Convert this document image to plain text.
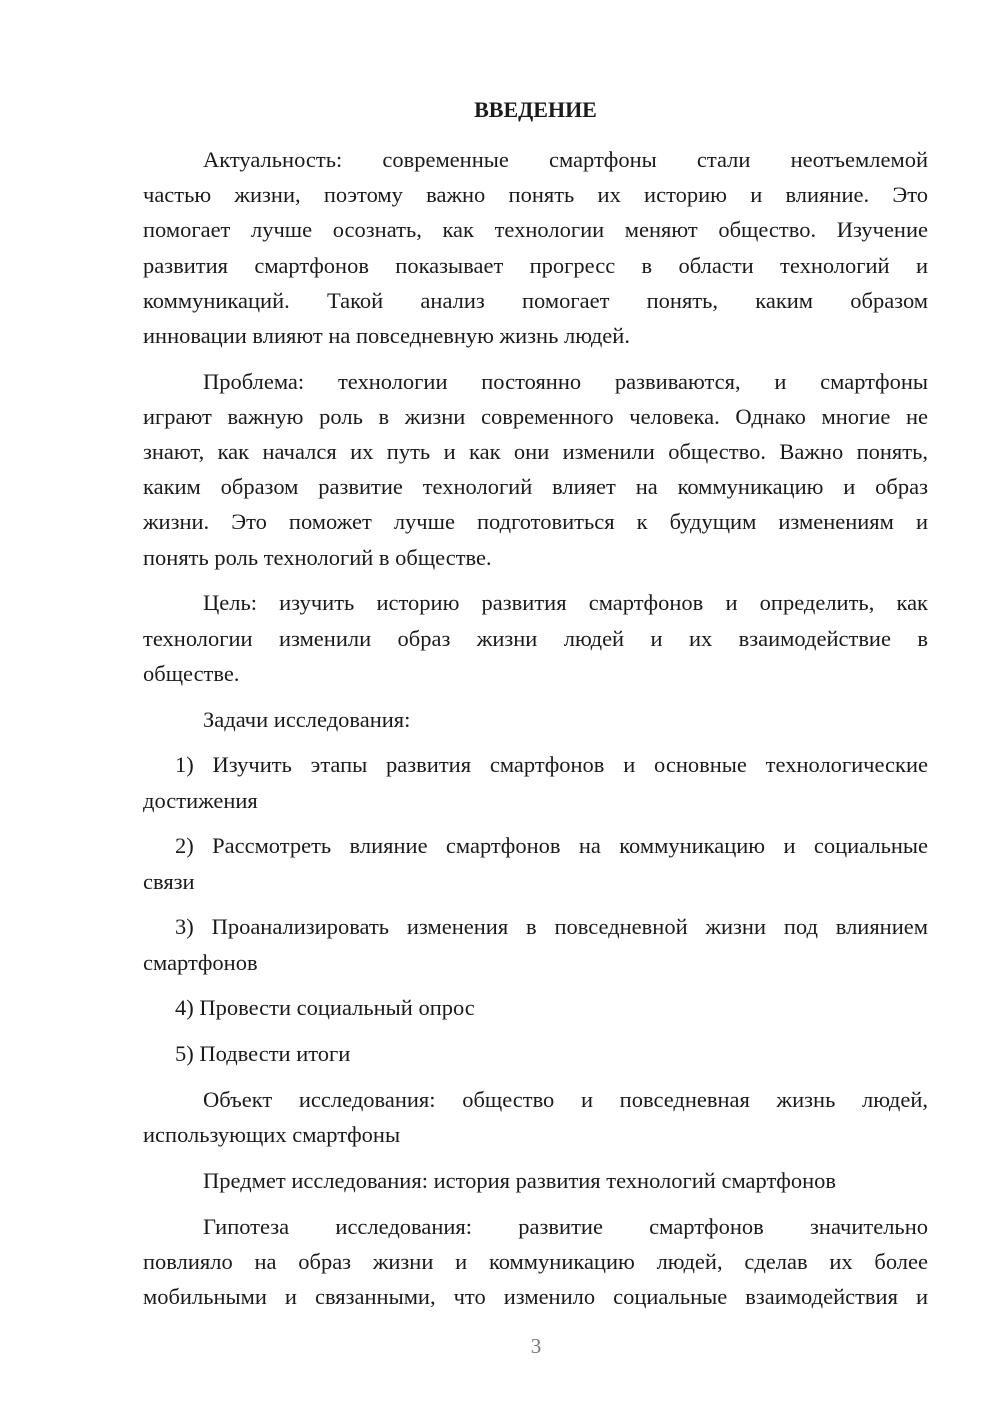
ВВЕДЕНИЕ
Актуальность: современные смартфоны стали неотъемлемой
частью жизни, поэтому важно понять их историю и влияние. Это
помогает лучше осознать, как технологии меняют общество. Изучение
развития смартфонов показывает прогресс в области технологий и
коммуникаций. Такой анализ помогает понять, каким образом
инновации влияют на повседневную жизнь людей.
Проблема: технологии постоянно развиваются, и смартфоны
играют важную роль в жизни современного человека. Однако многие не
знают, как начался их путь и как они изменили общество. Важно понять,
каким образом развитие технологий влияет на коммуникацию и образ
жизни. Это поможет лучше подготовиться к будущим изменениям и
понять роль технологий в обществе.
Цель: изучить историю развития смартфонов и определить, как
технологии изменили образ жизни людей и их взаимодействие в
обществе.
Задачи исследования:
1) Изучить этапы развития смартфонов и основные технологические
достижения
2) Рассмотреть влияние смартфонов на коммуникацию и социальные
связи
3) Проанализировать изменения в повседневной жизни под влиянием
смартфонов
4) Провести социальный опрос
5) Подвести итоги
Объект исследования: общество и повседневная жизнь людей,
использующих смартфоны
Предмет исследования: история развития технологий смартфонов
Гипотеза исследования: развитие смартфонов значительно
повлияло на образ жизни и коммуникацию людей, сделав их более
мобильными и связанными, что изменило социальные взаимодействия и
3
